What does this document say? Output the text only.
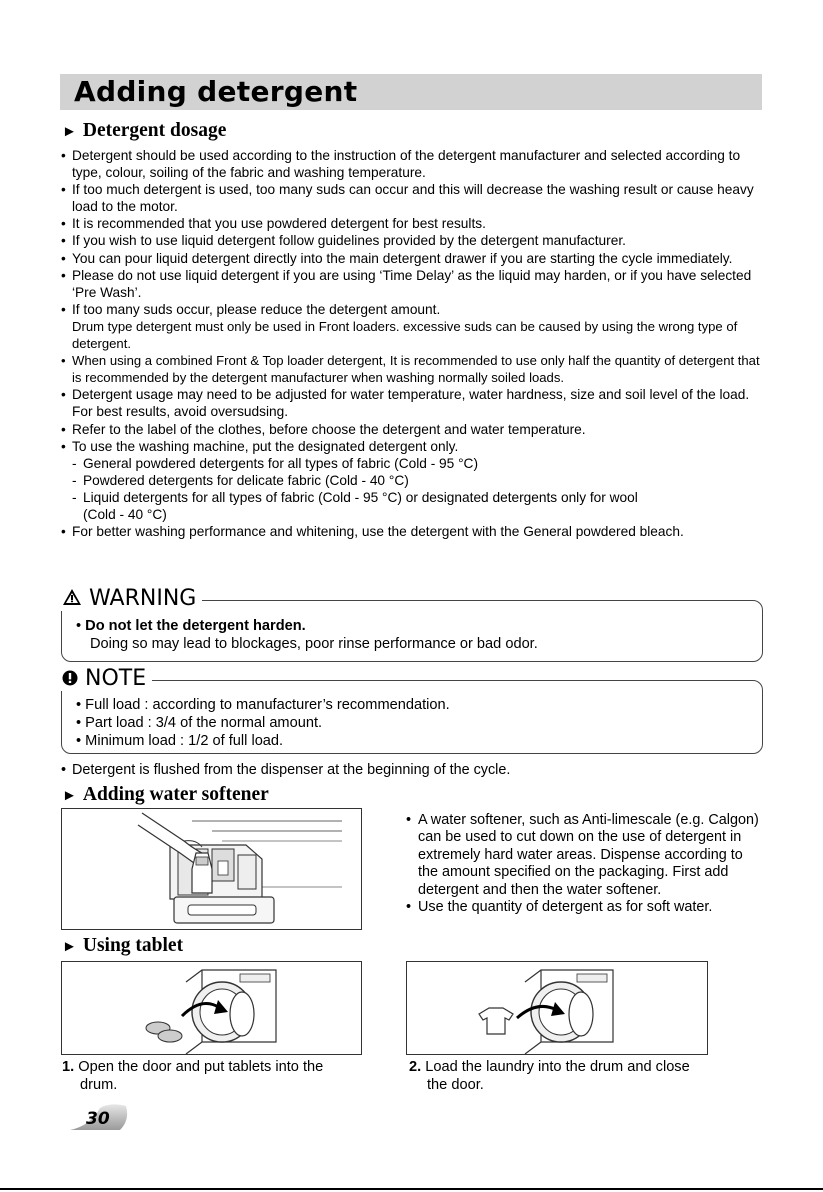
Adding detergent
► Detergent dosage
• Detergent should be used according to the instruction of the detergent manufacturer and selected according to type, colour, soiling of the fabric and washing temperature.
• If too much detergent is used, too many suds can occur and this will decrease the washing result or cause heavy load to the motor.
• It is recommended that you use powdered detergent for best results.
• If you wish to use liquid detergent follow guidelines provided by the detergent manufacturer.
• You can pour liquid detergent directly into the main detergent drawer if you are starting the cycle immediately.
• Please do not use liquid detergent if you are using ‘Time Delay’ as the liquid may harden, or if you have selected ‘Pre Wash’.
• If too many suds occur, please reduce the detergent amount.
Drum type detergent must only be used in Front loaders. excessive suds can be caused by using the wrong type of detergent.
• When using a combined Front & Top loader detergent, It is recommended to use only half the quantity of detergent that is recommended by the detergent manufacturer when washing normally soiled loads.
• Detergent usage may need to be adjusted for water temperature, water hardness, size and soil level of the load. For best results, avoid oversudsing.
• Refer to the label of the clothes, before choose the detergent and water temperature.
• To use the washing machine, put the designated detergent only.
- General powdered detergents for all types of fabric (Cold - 95 °C)
- Powdered detergents for delicate fabric (Cold - 40 °C)
- Liquid detergents for all types of fabric (Cold - 95 °C) or designated detergents only for wool
(Cold - 40 °C)
• For better washing performance and whitening, use the detergent with the General powdered bleach.
WARNING
• Do not let the detergent harden.
Doing so may lead to blockages, poor rinse performance or bad odor.
NOTE
• Full load : according to manufacturer’s recommendation.
• Part load : 3/4 of the normal amount.
• Minimum load : 1/2 of full load.
• Detergent is flushed from the dispenser at the beginning of the cycle.
► Adding water softener
• A water softener, such as Anti-limescale (e.g. Calgon) can be used to cut down on the use of detergent in extremely hard water areas. Dispense according to the amount specified on the packaging. First add detergent and then the water softener.
• Use the quantity of detergent as for soft water.
► Using tablet
1. Open the door and put tablets into the drum.
2. Load the laundry into the drum and close the door.
30
